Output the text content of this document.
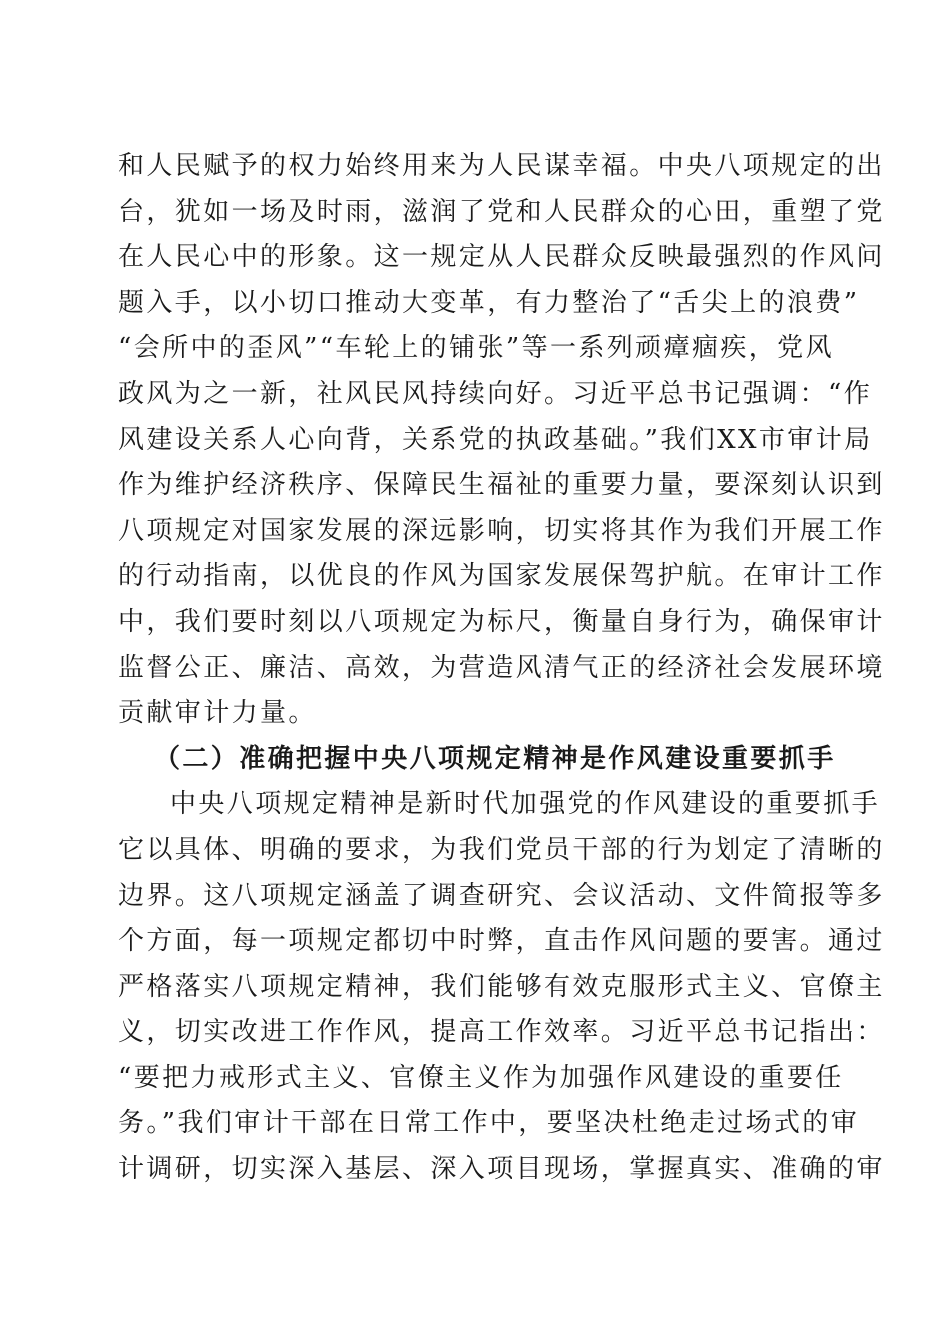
和人民赋予的权力始终用来为人民谋幸福。中央八项规定的出
台，犹如一场及时雨，滋润了党和人民群众的心田，重塑了党
在人民心中的形象。这一规定从人民群众反映最强烈的作风问
题入手，以小切口推动大变革，有力整治了“舌尖上的浪费”
“会所中的歪风”“车轮上的铺张”等一系列顽瘴痼疾，党风
政风为之一新，社风民风持续向好。习近平总书记强调：“作
风建设关系人心向背，关系党的执政基础。”我们XX市审计局
作为维护经济秩序、保障民生福祉的重要力量，要深刻认识到
八项规定对国家发展的深远影响，切实将其作为我们开展工作
的行动指南，以优良的作风为国家发展保驾护航。在审计工作
中，我们要时刻以八项规定为标尺，衡量自身行为，确保审计
监督公正、廉洁、高效，为营造风清气正的经济社会发展环境
贡献审计力量。
（二）准确把握中央八项规定精神是作风建设重要抓手
中央八项规定精神是新时代加强党的作风建设的重要抓手
它以具体、明确的要求，为我们党员干部的行为划定了清晰的
边界。这八项规定涵盖了调查研究、会议活动、文件简报等多
个方面，每一项规定都切中时弊，直击作风问题的要害。通过
严格落实八项规定精神，我们能够有效克服形式主义、官僚主
义，切实改进工作作风，提高工作效率。习近平总书记指出：
“要把力戒形式主义、官僚主义作为加强作风建设的重要任
务。”我们审计干部在日常工作中，要坚决杜绝走过场式的审
计调研，切实深入基层、深入项目现场，掌握真实、准确的审
